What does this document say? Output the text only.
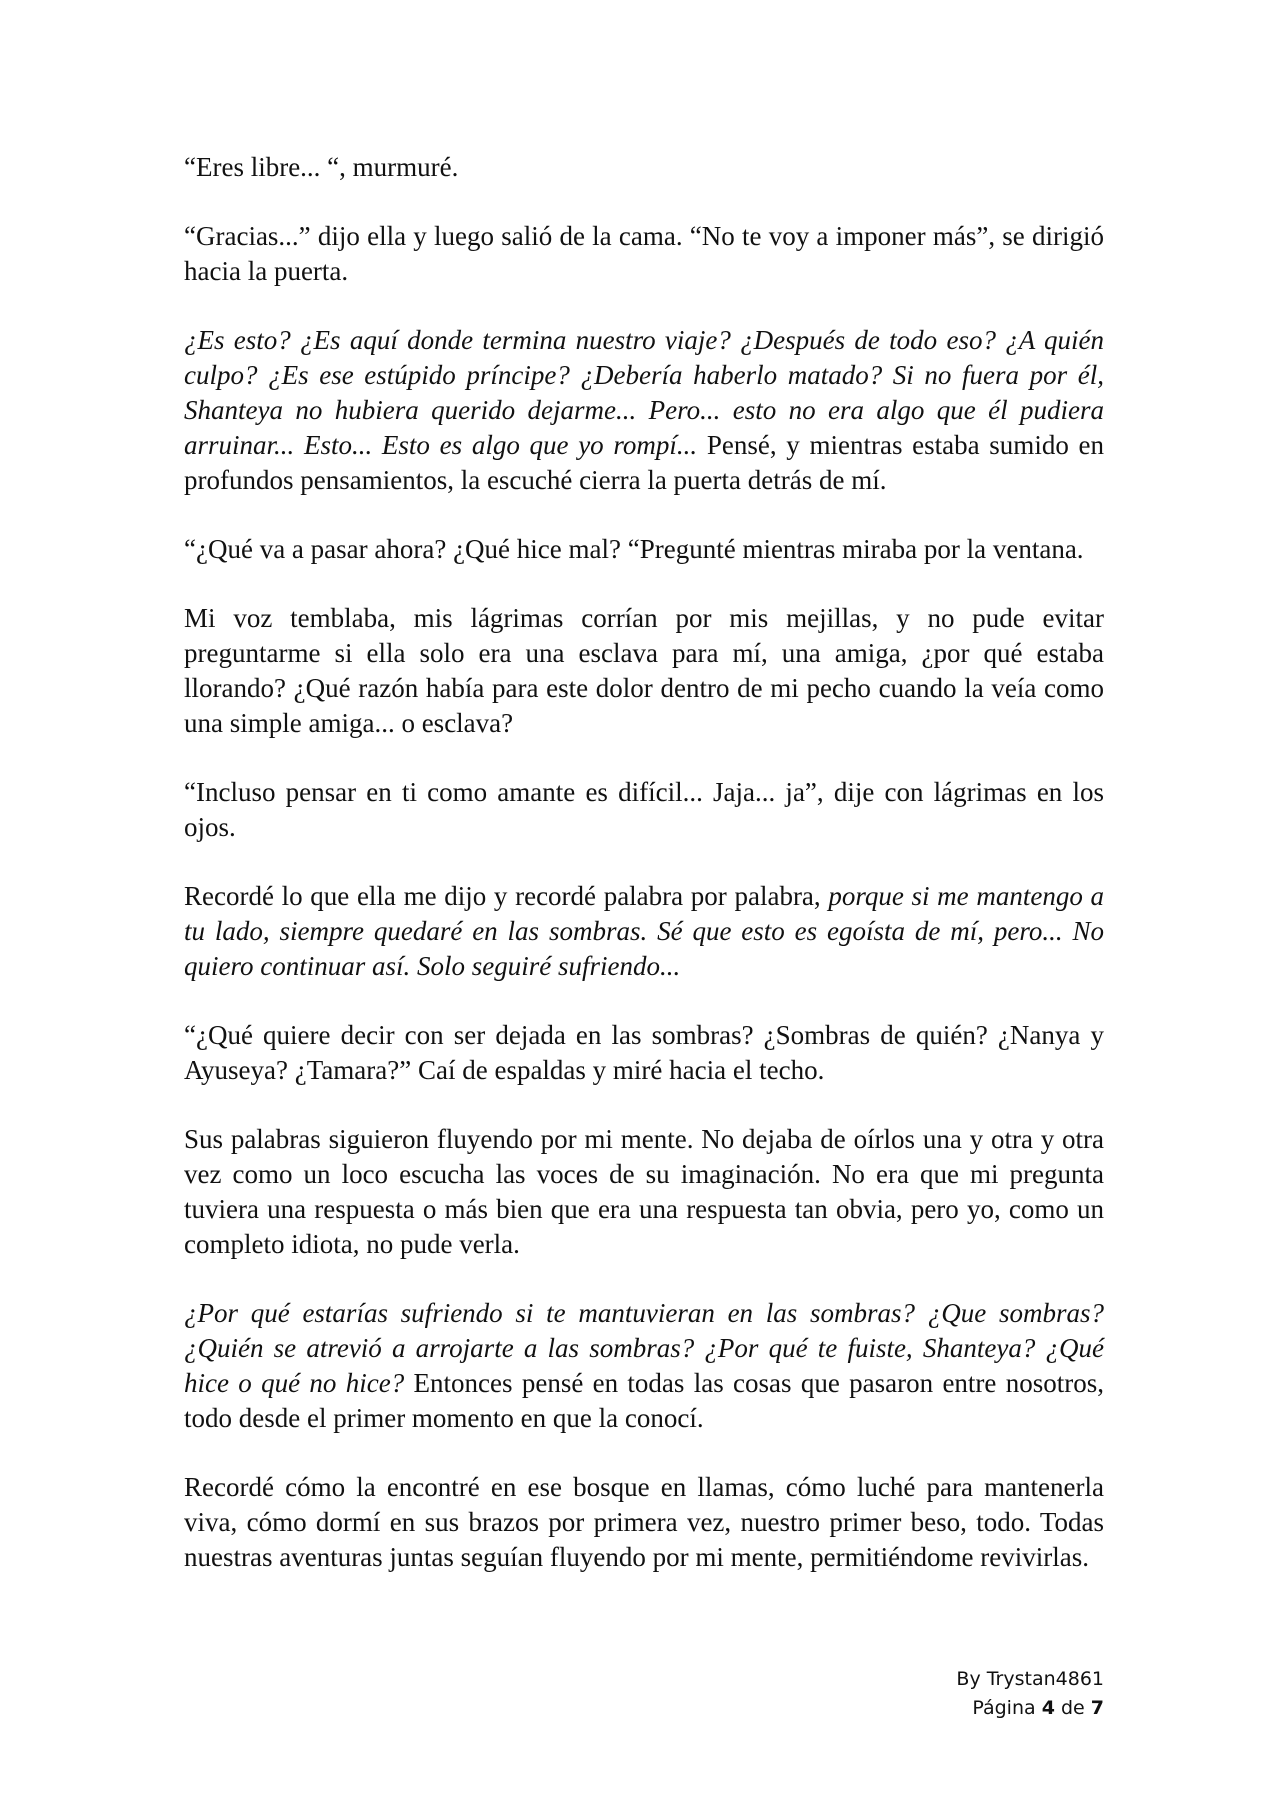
“Eres libre... “, murmuré.

“Gracias...” dijo ella y luego salió de la cama. “No te voy a imponer más”, se dirigió hacia la puerta.

¿Es esto? ¿Es aquí donde termina nuestro viaje? ¿Después de todo eso? ¿A quién culpo? ¿Es ese estúpido príncipe? ¿Debería haberlo matado? Si no fuera por él, Shanteya no hubiera querido dejarme... Pero... esto no era algo que él pudiera arruinar... Esto... Esto es algo que yo rompí... Pensé, y mientras estaba sumido en profundos pensamientos, la escuché cierra la puerta detrás de mí.

“¿Qué va a pasar ahora? ¿Qué hice mal? “Pregunté mientras miraba por la ventana.

Mi voz temblaba, mis lágrimas corrían por mis mejillas, y no pude evitar preguntarme si ella solo era una esclava para mí, una amiga, ¿por qué estaba llorando? ¿Qué razón había para este dolor dentro de mi pecho cuando la veía como una simple amiga... o esclava?

“Incluso pensar en ti como amante es difícil... Jaja... ja”, dije con lágrimas en los ojos.

Recordé lo que ella me dijo y recordé palabra por palabra, porque si me mantengo a tu lado, siempre quedaré en las sombras. Sé que esto es egoísta de mí, pero... No quiero continuar así. Solo seguiré sufriendo...

“¿Qué quiere decir con ser dejada en las sombras? ¿Sombras de quién? ¿Nanya y Ayuseya? ¿Tamara?” Caí de espaldas y miré hacia el techo.

Sus palabras siguieron fluyendo por mi mente. No dejaba de oírlos una y otra y otra vez como un loco escucha las voces de su imaginación. No era que mi pregunta tuviera una respuesta o más bien que era una respuesta tan obvia, pero yo, como un completo idiota, no pude verla.

¿Por qué estarías sufriendo si te mantuvieran en las sombras? ¿Que sombras? ¿Quién se atrevió a arrojarte a las sombras? ¿Por qué te fuiste, Shanteya? ¿Qué hice o qué no hice? Entonces pensé en todas las cosas que pasaron entre nosotros, todo desde el primer momento en que la conocí.

Recordé cómo la encontré en ese bosque en llamas, cómo luché para mantenerla viva, cómo dormí en sus brazos por primera vez, nuestro primer beso, todo. Todas nuestras aventuras juntas seguían fluyendo por mi mente, permitiéndome revivirlas.

By Trystan4861
Página 4 de 7
